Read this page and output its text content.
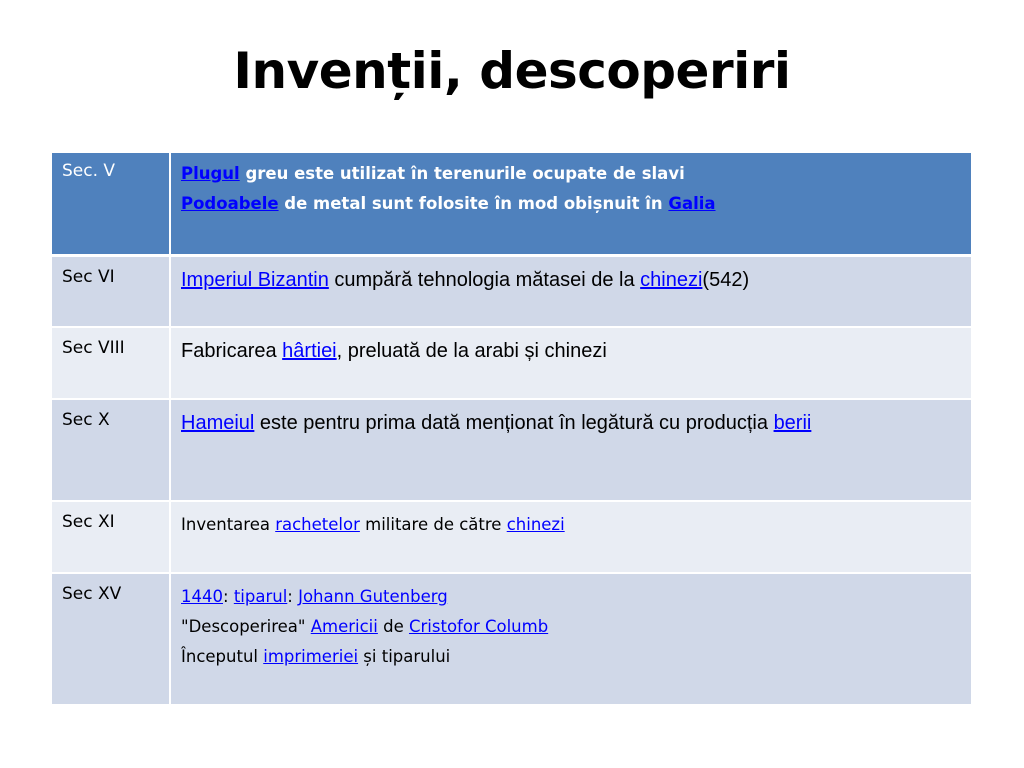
Invenții, descoperiri
Sec. V	Plugul greu este utilizat în terenurile ocupate de slavi
Podoabele de metal sunt folosite în mod obișnuit în Galia

Sec VI	Imperiul Bizantin cumpără tehnologia mătasei de la chinezi(542)
Sec VIII	Fabricarea hârtiei, preluată de la arabi și chinezi
Sec X	Hameiul este pentru prima dată menționat în legătură cu producția berii
Sec XI	Inventarea rachetelor militare de către chinezi
Sec XV	1440: tiparul: Johann Gutenberg
"Descoperirea" Americii de Cristofor Columb
Începutul imprimeriei și tiparului
